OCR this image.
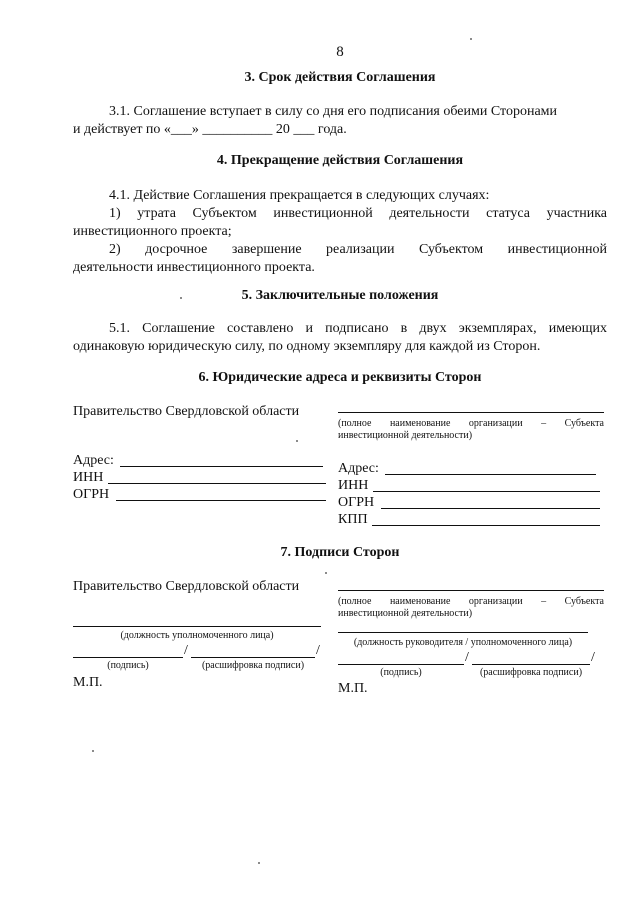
8
3. Срок действия Соглашения
3.1. Соглашение вступает в силу со дня его подписания обеими Сторонами
и действует по «___» __________ 20 ___ года.
4. Прекращение действия Соглашения
4.1. Действие Соглашения прекращается в следующих случаях:
1) утрата Субъектом инвестиционной деятельности статуса участника
инвестиционного проекта;
2) досрочное завершение реализации Субъектом инвестиционной
деятельности инвестиционного проекта.
5. Заключительные положения
5.1. Соглашение составлено и подписано в двух экземплярах, имеющих
одинаковую юридическую силу, по одному экземпляру для каждой из Сторон.
6. Юридические адреса и реквизиты Сторон
Правительство Свердловской области
(полное наименование организации – Субъекта
инвестиционной деятельности)
Адрес:
ИНН
ОГРН
Адрес:
ИНН
ОГРН
КПП
7. Подписи Сторон
Правительство Свердловской области
(полное наименование организации – Субъекта
инвестиционной деятельности)
(должность уполномоченного лица)
/	/
(подпись)	(расшифровка подписи)
М.П.
(должность руководителя / уполномоченного лица)
/	/
(подпись)	(расшифровка подписи)
М.П.
